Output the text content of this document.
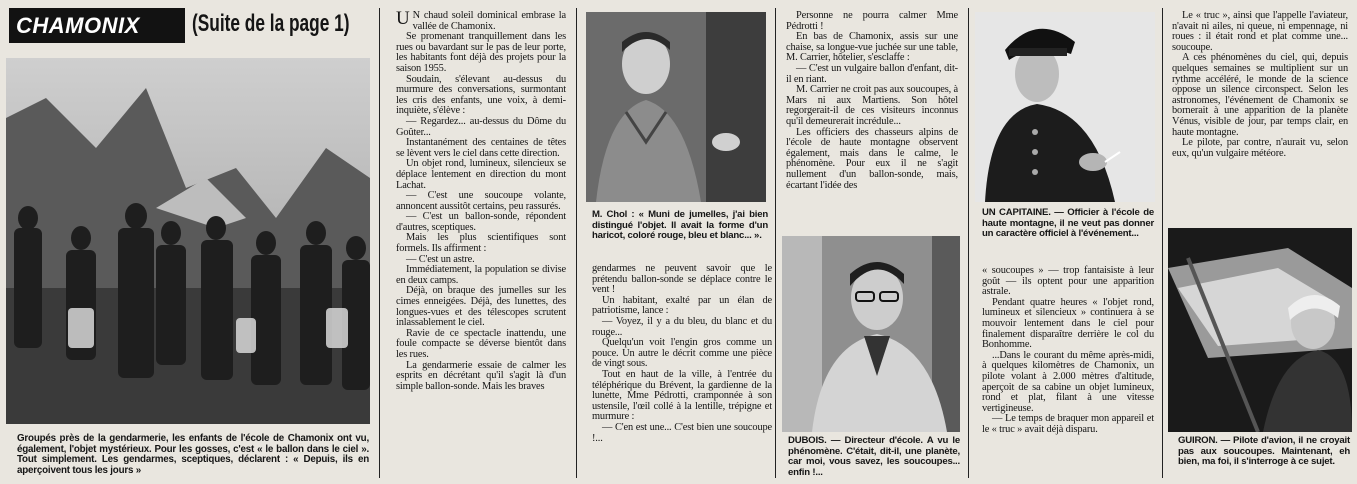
CHAMONIX (Suite de la page 1)
Groupés près de la gendarmerie, les enfants de l'école de Chamonix ont vu, également, l'objet mystérieux. Pour les gosses, c'est « le ballon dans le ciel ». Tout simplement. Les gendarmes, sceptiques, déclarent : « Depuis, ils en aperçoivent tous les jours »

U N chaud soleil dominical embrase la vallée de Chamonix.

Se promenant tranquillement dans les rues ou bavardant sur le pas de leur porte, les habitants font déjà des projets pour la saison 1955.

Soudain, s'élevant au-dessus du murmure des conversations, surmontant les cris des enfants, une voix, à demi-inquiète, s'élève :

— Regardez... au-dessus du Dôme du Goûter...

Instantanément des centaines de têtes se lèvent vers le ciel dans cette direction.

Un objet rond, lumineux, silencieux se déplace lentement en direction du mont Lachat.

— C'est une soucoupe volante, annoncent aussitôt certains, peu rassurés.

— C'est un ballon-sonde, répondent d'autres, sceptiques.

Mais les plus scientifiques sont formels. Ils affirment :

— C'est un astre.

Immédiatement, la population se divise en deux camps.

Déjà, on braque des jumelles sur les cimes enneigées. Déjà, des lunettes, des longues-vues et des télescopes scrutent inlassablement le ciel.

Ravie de ce spectacle inattendu, une foule compacte se déverse bientôt dans les rues.

La gendarmerie essaie de calmer les esprits en décrétant qu'il s'agit là d'un simple ballon-sonde. Mais les braves

M. Chol : « Muni de jumelles, j'ai bien distingué l'objet. Il avait la forme d'un haricot, coloré rouge, bleu et blanc... ».

gendarmes ne peuvent savoir que le prétendu ballon-sonde se déplace contre le vent !

Un habitant, exalté par un élan de patriotisme, lance :

— Voyez, il y a du bleu, du blanc et du rouge...

Quelqu'un voit l'engin gros comme un pouce. Un autre le décrit comme une pièce de vingt sous.

Tout en haut de la ville, à l'entrée du téléphérique du Brévent, la gardienne de la lunette, Mme Pédrotti, cramponnée à son ustensile, l'œil collé à la lentille, trépigne et murmure :

— C'en est une... C'est bien une soucoupe !...

Personne ne pourra calmer Mme Pédrotti !

En bas de Chamonix, assis sur une chaise, sa longue-vue juchée sur une table, M. Carrier, hôtelier, s'esclaffe :

— C'est un vulgaire ballon d'enfant, dit-il en riant.

M. Carrier ne croit pas aux soucoupes, à Mars ni aux Martiens. Son hôtel regorgerait-il de ces visiteurs inconnus qu'il demeurerait incrédule...

Les officiers des chasseurs alpins de l'école de haute montagne observent également, mais dans le calme, le phénomène. Pour eux il ne s'agit nullement d'un ballon-sonde, mais, écartant l'idée des

DUBOIS. — Directeur d'école. A vu le phénomène. C'était, dit-il, une planète, car moi, vous savez, les soucoupes... enfin !...
UN CAPITAINE. — Officier à l'école de haute montagne, il ne veut pas donner un caractère officiel à l'événement...

« soucoupes » — trop fantaisiste à leur goût — ils optent pour une apparition astrale.

Pendant quatre heures « l'objet rond, lumineux et silencieux » continuera à se mouvoir lentement dans le ciel pour finalement disparaître derrière le col du Bonhomme.

...Dans le courant du même après-midi, à quelques kilomètres de Chamonix, un pilote volant à 2.000 mètres d'altitude, aperçoit de sa cabine un objet lumineux, rond et plat, filant à une vitesse vertigineuse.

— Le temps de braquer mon appareil et le « truc » avait déjà disparu.

Le « truc », ainsi que l'appelle l'aviateur, n'avait ni ailes, ni queue, ni empennage, ni roues : il était rond et plat comme une... soucoupe.

A ces phénomènes du ciel, qui, depuis quelques semaines se multiplient sur un rythme accéléré, le monde de la science oppose un silence circonspect. Selon les astronomes, l'événement de Chamonix se bornerait à une apparition de la planète Vénus, visible de jour, par temps clair, en haute montagne.

Le pilote, par contre, n'aurait vu, selon eux, qu'un vulgaire météore.

GUIRON. — Pilote d'avion, il ne croyait pas aux soucoupes. Maintenant, eh bien, ma foi, il s'interroge à ce sujet.
